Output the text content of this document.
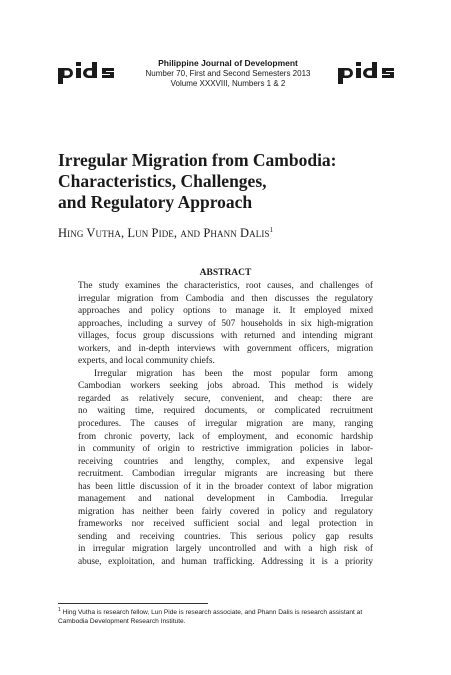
Philippine Journal of Development
Number 70, First and Second Semesters 2013
Volume XXXVIII, Numbers 1 & 2
Irregular Migration from Cambodia:
Characteristics, Challenges,
and Regulatory Approach
Hing Vutha, Lun Pide, and Phann Dalis$^1$
ABSTRACT

The study examines the characteristics, root causes, and challenges of
irregular migration from Cambodia and then discusses the regulatory
approaches and policy options to manage it. It employed mixed
approaches, including a survey of 507 households in six high-migration
villages, focus group discussions with returned and intending migrant
workers, and in-depth interviews with government officers, migration
experts, and local community chiefs.

Irregular migration has been the most popular form among
Cambodian workers seeking jobs abroad. This method is widely
regarded as relatively secure, convenient, and cheap: there are
no waiting time, required documents, or complicated recruitment
procedures. The causes of irregular migration are many, ranging
from chronic poverty, lack of employment, and economic hardship
in community of origin to restrictive immigration policies in labor-
receiving countries and lengthy, complex, and expensive legal
recruitment. Cambodian irregular migrants are increasing but there
has been little discussion of it in the broader context of labor migration
management and national development in Cambodia. Irregular
migration has neither been fairly covered in policy and regulatory
frameworks nor received sufficient social and legal protection in
sending and receiving countries. This serious policy gap results
in irregular migration largely uncontrolled and with a high risk of
abuse, exploitation, and human trafficking. Addressing it is a priority

$^1$ Hing Vutha is research fellow, Lun Pide is research associate, and Phann Dalis is research assistant at
Cambodia Development Research Institute.
